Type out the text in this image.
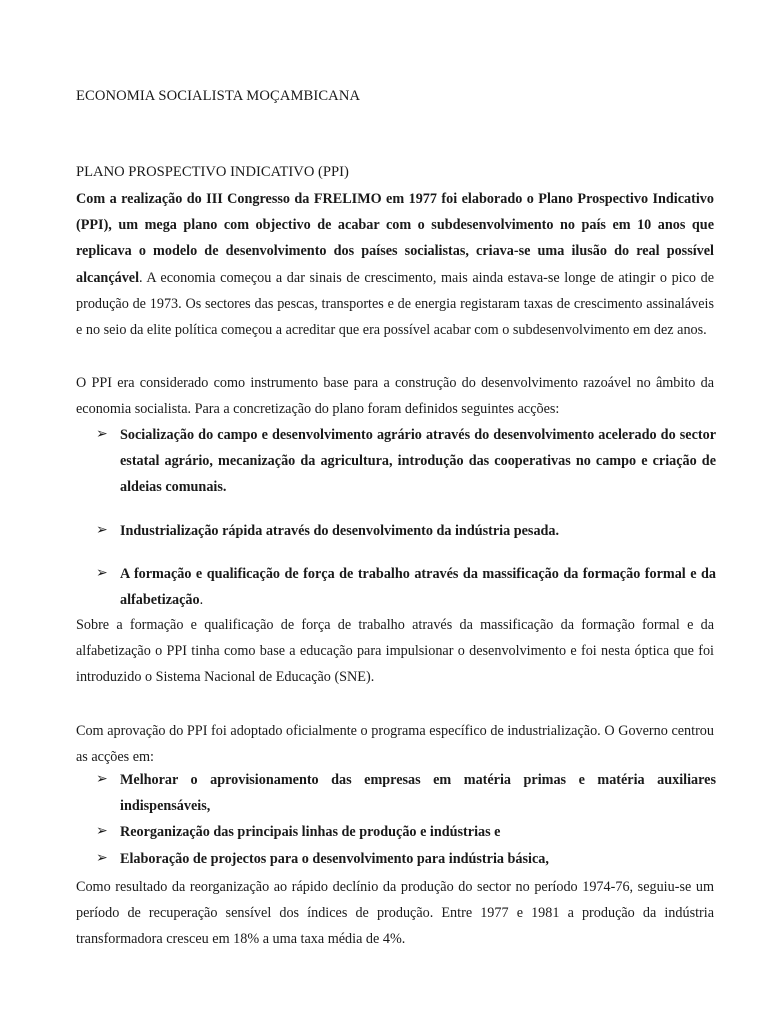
ECONOMIA SOCIALISTA MOÇAMBICANA
PLANO PROSPECTIVO INDICATIVO (PPI)

Com a realização do III Congresso da FRELIMO em 1977 foi elaborado o Plano Prospectivo Indicativo (PPI), um mega plano com objectivo de acabar com o subdesenvolvimento no país em 10 anos que replicava o modelo de desenvolvimento dos países socialistas, criava-se uma ilusão do real possível alcançável. A economia começou a dar sinais de crescimento, mais ainda estava-se longe de atingir o pico de produção de 1973. Os sectores das pescas, transportes e de energia registaram taxas de crescimento assinaláveis e no seio da elite política começou a acreditar que era possível acabar com o subdesenvolvimento em dez anos.

O PPI era considerado como instrumento base para a construção do desenvolvimento razoável no âmbito da economia socialista. Para a concretização do plano foram definidos seguintes acções:

➢ Socialização do campo e desenvolvimento agrário através do desenvolvimento acelerado do sector estatal agrário, mecanização da agricultura, introdução das cooperativas no campo e criação de aldeias comunais.
➢ Industrialização rápida através do desenvolvimento da indústria pesada.
➢ A formação e qualificação de força de trabalho através da massificação da formação formal e da alfabetização.

Sobre a formação e qualificação de força de trabalho através da massificação da formação formal e da alfabetização o PPI tinha como base a educação para impulsionar o desenvolvimento e foi nesta óptica que foi introduzido o Sistema Nacional de Educação (SNE).

Com aprovação do PPI foi adoptado oficialmente o programa específico de industrialização. O Governo centrou as acções em:

➢ Melhorar o aprovisionamento das empresas em matéria primas e matéria auxiliares indispensáveis,
➢ Reorganização das principais linhas de produção e indústrias e
➢ Elaboração de projectos para o desenvolvimento para indústria básica,

Como resultado da reorganização ao rápido declínio da produção do sector no período 1974-76, seguiu-se um período de recuperação sensível dos índices de produção. Entre 1977 e 1981 a produção da indústria transformadora cresceu em 18% a uma taxa média de 4%.
